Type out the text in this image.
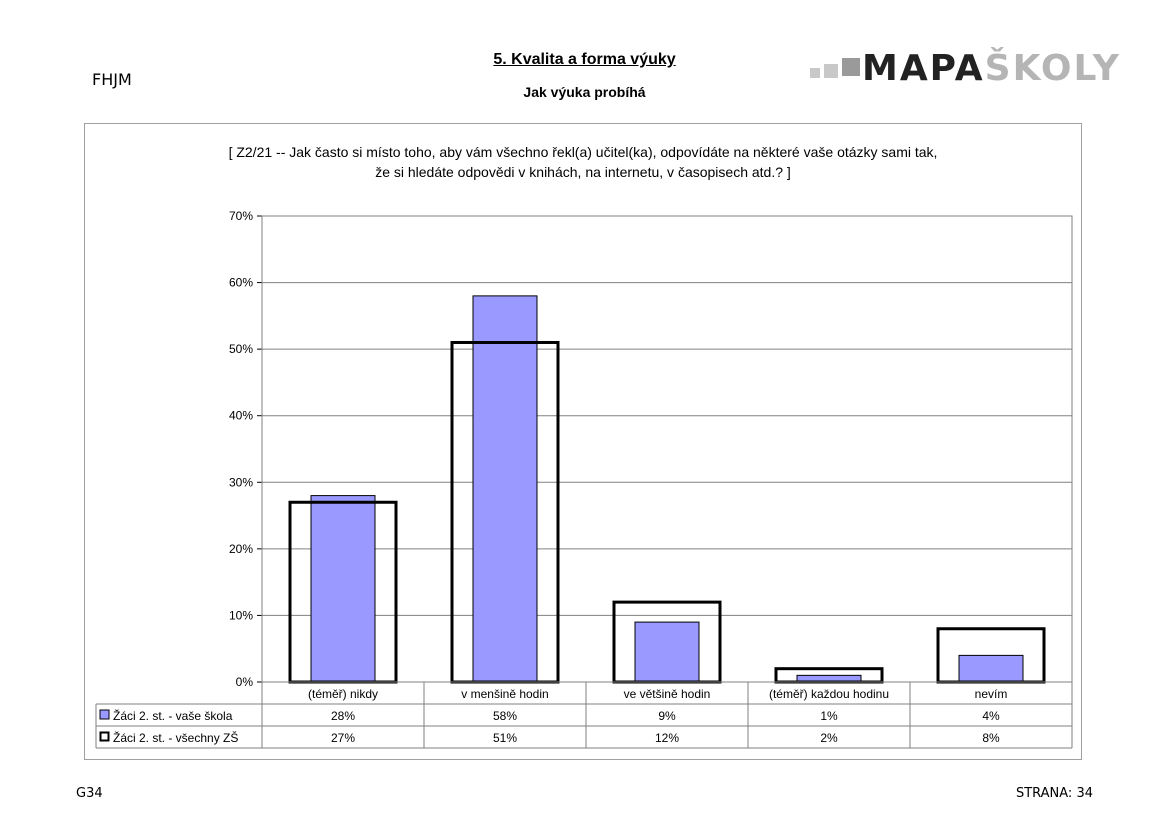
FHJM
5. Kvalita a forma výuky
Jak výuka probíhá
MAPAŠKOLY
[ Z2/21 -- Jak často si místo toho, aby vám všechno řekl(a) učitel(ka), odpovídáte na některé vaše otázky sami tak,
že si hledáte odpovědi v knihách, na internetu, v časopisech atd.? ]
0%
10%
20%
30%
40%
50%
60%
70%
(téměř) nikdy	v menšině hodin	ve většině hodin	(téměř) každou hodinu	nevím
Žáci 2. st. - vaše škola	28%	58%	9%	1%	4%
Žáci 2. st. - všechny ZŠ	27%	51%	12%	2%	8%
G34	STRANA: 34
